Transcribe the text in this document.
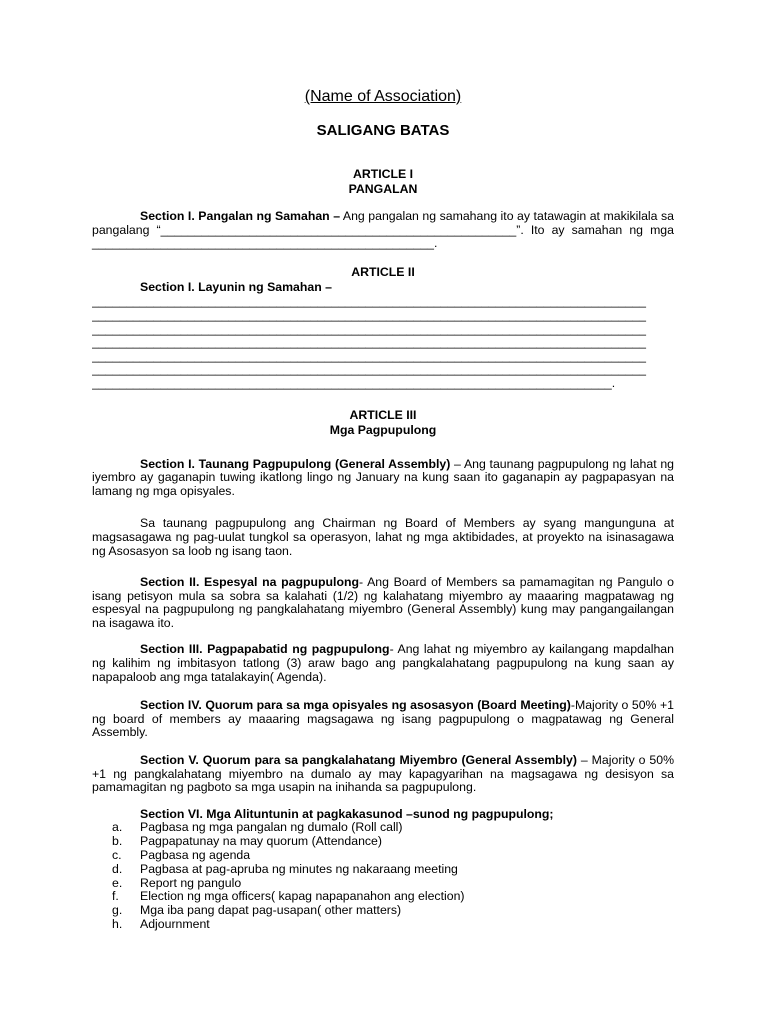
(Name of Association)

SALIGANG BATAS

ARTICLE I

PANGALAN

Section I. Pangalan ng Samahan – Ang pangalan ng samahang ito ay tatawagin at makikilala sa pangalang “____________________________________________________”. Ito ay samahan ng mga __________________________________________________.

ARTICLE II

Section I. Layunin ng Samahan –

_________________________________________________________________________________
_________________________________________________________________________________
_________________________________________________________________________________
_________________________________________________________________________________
_________________________________________________________________________________
_________________________________________________________________________________
____________________________________________________________________________.

ARTICLE III

Mga Pagpupulong

Section I. Taunang Pagpupulong (General Assembly) – Ang taunang pagpupulong ng lahat ng iyembro ay gaganapin tuwing ikatlong lingo ng January na kung saan ito gaganapin ay pagpapasyan na lamang ng mga opisyales.

Sa taunang pagpupulong ang Chairman ng Board of Members ay syang mangunguna at magsasagawa ng pag-uulat tungkol sa operasyon, lahat ng mga aktibidades, at proyekto na isinasagawa ng Asosasyon sa loob ng isang taon.

Section II. Espesyal na pagpupulong- Ang Board of Members sa pamamagitan ng Pangulo o isang petisyon mula sa sobra sa kalahati (1/2) ng kalahatang miyembro ay maaaring magpatawag ng espesyal na pagpupulong ng pangkalahatang miyembro (General Assembly) kung may pangangailangan na isagawa ito.

Section III. Pagpapabatid ng pagpupulong- Ang lahat ng miyembro ay kailangang mapdalhan ng kalihim ng imbitasyon tatlong (3) araw bago ang pangkalahatang pagpupulong na kung saan ay napapaloob ang mga tatalakayin( Agenda).

Section IV. Quorum para sa mga opisyales ng asosasyon (Board Meeting)-Majority o 50% +1 ng board of members ay maaaring magsagawa ng isang pagpupulong o magpatawag ng General Assembly.

Section V. Quorum para sa pangkalahatang Miyembro (General Assembly) – Majority o 50% +1 ng pangkalahatang miyembro na dumalo ay may kapagyarihan na magsagawa ng desisyon sa pamamagitan ng pagboto sa mga usapin na inihanda sa pagpupulong.

Section VI. Mga Alituntunin at pagkakasunod –sunod ng pagpupulong;

a. Pagbasa ng mga pangalan ng dumalo (Roll call)
b. Pagpapatunay na may quorum (Attendance)
c. Pagbasa ng agenda
d. Pagbasa at pag-apruba ng minutes ng nakaraang meeting
e. Report ng pangulo
f. Election ng mga officers( kapag napapanahon ang election)
g. Mga iba pang dapat pag-usapan( other matters)
h. Adjournment
